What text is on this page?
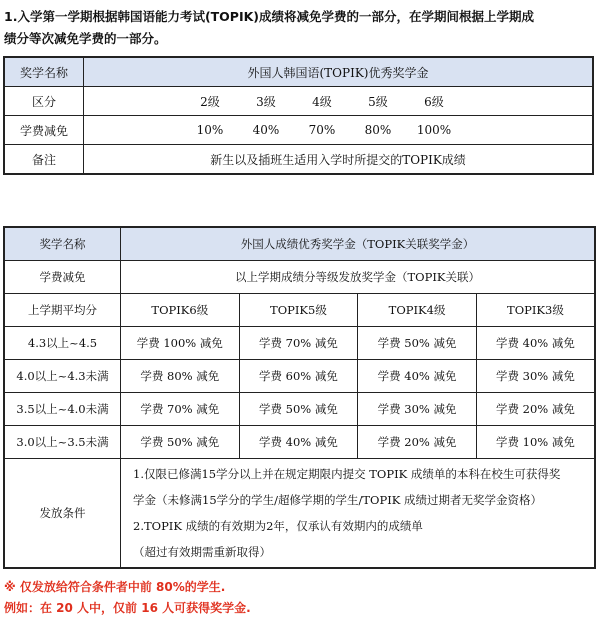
1.入学第一学期根据韩国语能力考试(TOPIK)成绩将减免学费的一部分，在学期间根据上学期成
绩分等次减免学费的一部分。
奖学名称	外国人韩国语(TOPIK)优秀奖学金
区分	2级 3级 4级 5级 6级
学费减免	10% 40% 70% 80% 100%
备注	新生以及插班生适用入学时所提交的TOPIK成绩
奖学名称	外国人成绩优秀奖学金（TOPIK关联奖学金）			
学费减免	以上学期成绩分等级发放奖学金（TOPIK关联）			
上学期平均分	TOPIK6级	TOPIK5级	TOPIK4级	TOPIK3级
4.3以上~4.5	学费 100% 减免	学费 70% 减免	学费 50% 减免	学费 40% 减免
4.0以上~4.3未满	学费 80% 减免	学费 60% 减免	学费 40% 减免	学费 30% 减免
3.5以上~4.0未满	学费 70% 减免	学费 50% 减免	学费 30% 减免	学费 20% 减免
3.0以上~3.5未满	学费 50% 减免	学费 40% 减免	学费 20% 减免	学费 10% 减免
发放条件	1.仅限已修满15学分以上并在规定期限内提交 TOPIK 成绩单的本科在校生可获得奖
学金（未修满15学分的学生/超修学期的学生/TOPIK 成绩过期者无奖学金资格）
2.TOPIK 成绩的有效期为2年，仅承认有效期内的成绩单
（超过有效期需重新取得）			
※ 仅发放给符合条件者中前 80%的学生.
例如：在 20 人中，仅前 16 人可获得奖学金.
